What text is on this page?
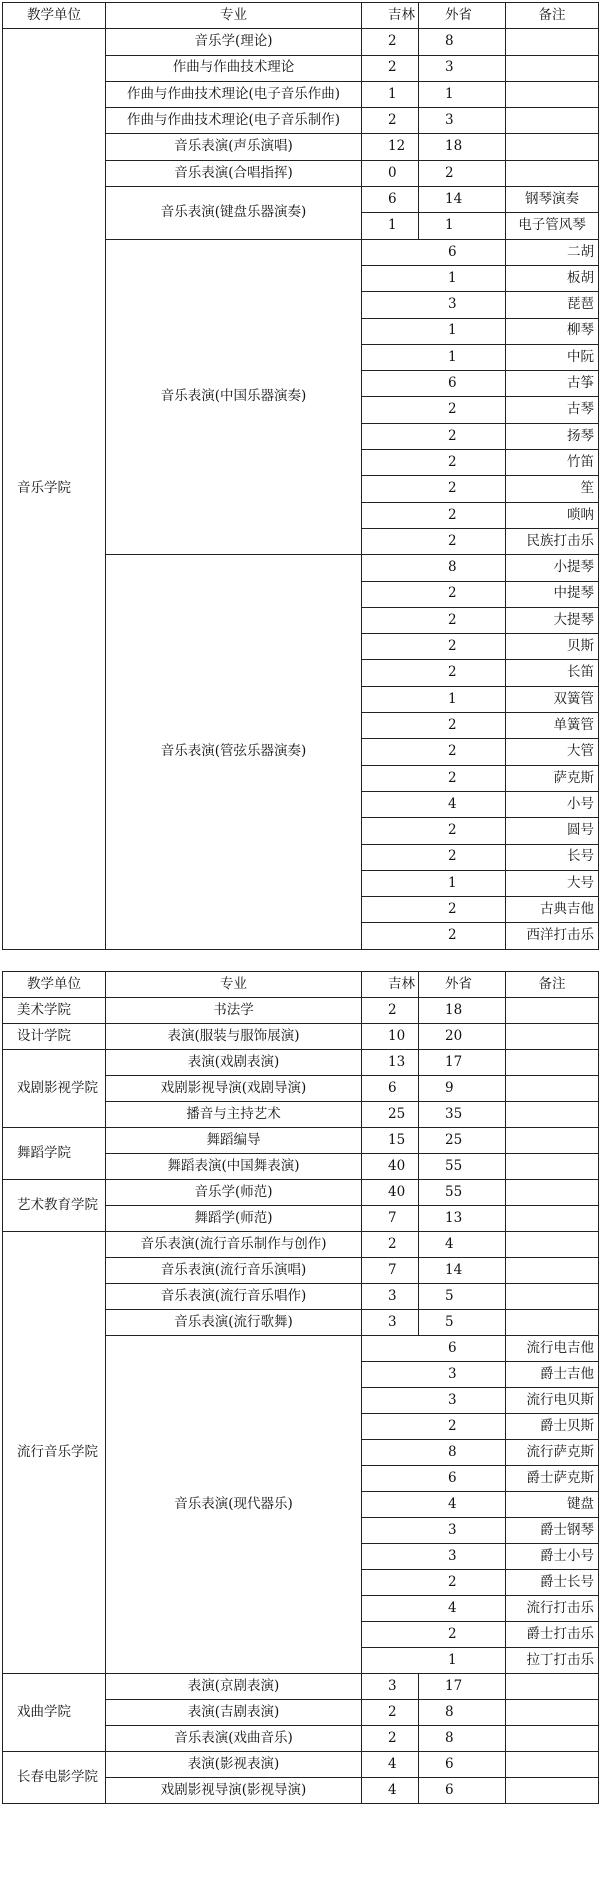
教学单位	专业	吉林	外省	备注
音乐学院	音乐学(理论)	2	8	
	作曲与作曲技术理论	2	3	
	作曲与作曲技术理论(电子音乐作曲)	1	1	
	作曲与作曲技术理论(电子音乐制作)	2	3	
	音乐表演(声乐演唱)	12	18	
	音乐表演(合唱指挥)	0	2	
	音乐表演(键盘乐器演奏)	6	14	钢琴演奏
		1	1	电子管风琴
	音乐表演(中国乐器演奏)	6		二胡
		1		板胡
		3		琵琶
		1		柳琴
		1		中阮
		6		古筝
		2		古琴
		2		扬琴
		2		竹笛
		2		笙
		2		唢呐
		2		民族打击乐
	音乐表演(管弦乐器演奏)	8		小提琴
		2		中提琴
		2		大提琴
		2		贝斯
		2		长笛
		1		双簧管
		2		单簧管
		2		大管
		2		萨克斯
		4		小号
		2		圆号
		2		长号
		1		大号
		2		古典吉他
		2		西洋打击乐
教学单位	专业	吉林	外省	备注
美术学院	书法学	2	18	
设计学院	表演(服装与服饰展演)	10	20	
戏剧影视学院	表演(戏剧表演)	13	17	
	戏剧影视导演(戏剧导演)	6	9	
	播音与主持艺术	25	35	
舞蹈学院	舞蹈编导	15	25	
	舞蹈表演(中国舞表演)	40	55	
艺术教育学院	音乐学(师范)	40	55	
	舞蹈学(师范)	7	13	
流行音乐学院	音乐表演(流行音乐制作与创作)	2	4	
	音乐表演(流行音乐演唱)	7	14	
	音乐表演(流行音乐唱作)	3	5	
	音乐表演(流行歌舞)	3	5	
	音乐表演(现代器乐)	6		流行电吉他
		3		爵士吉他
		3		流行电贝斯
		2		爵士贝斯
		8		流行萨克斯
		6		爵士萨克斯
		4		键盘
		3		爵士钢琴
		3		爵士小号
		2		爵士长号
		4		流行打击乐
		2		爵士打击乐
		1		拉丁打击乐
戏曲学院	表演(京剧表演)	3	17	
	表演(吉剧表演)	2	8	
	音乐表演(戏曲音乐)	2	8	
长春电影学院	表演(影视表演)	4	6	
	戏剧影视导演(影视导演)	4	6	
